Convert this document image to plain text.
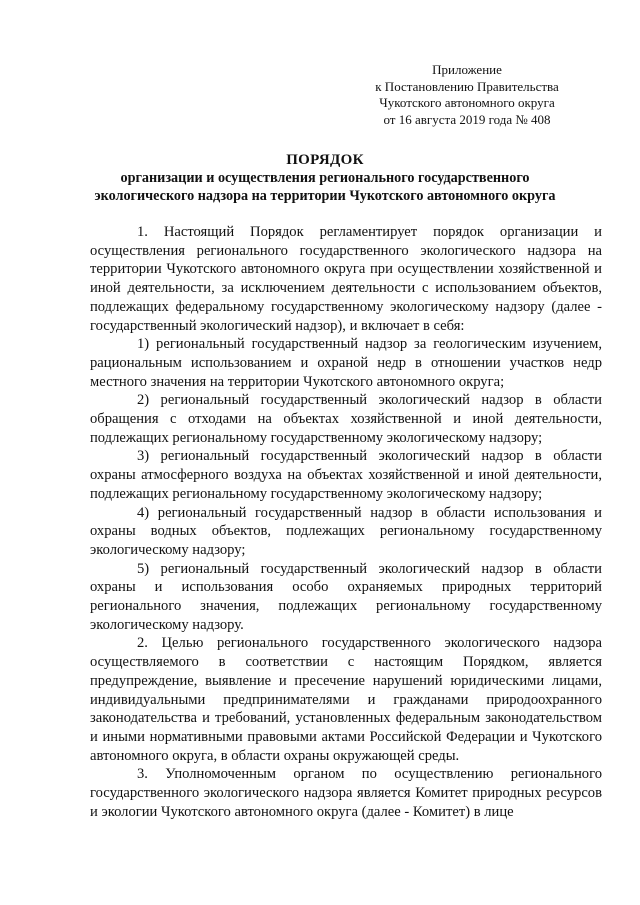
Приложение
к Постановлению Правительства
Чукотского автономного округа
от 16 августа 2019 года № 408
ПОРЯДОК
организации и осуществления регионального государственного
экологического надзора на территории Чукотского автономного округа

1. Настоящий Порядок регламентирует порядок организации и осуществления регионального государственного экологического надзора на территории Чукотского автономного округа при осуществлении хозяйственной и иной деятельности, за исключением деятельности с использованием объектов, подлежащих федеральному государственному экологическому надзору (далее - государственный экологический надзор), и включает в себя:

1) региональный государственный надзор за геологическим изучением, рациональным использованием и охраной недр в отношении участков недр местного значения на территории Чукотского автономного округа;

2) региональный государственный экологический надзор в области обращения с отходами на объектах хозяйственной и иной деятельности, подлежащих региональному государственному экологическому надзору;

3) региональный государственный экологический надзор в области охраны атмосферного воздуха на объектах хозяйственной и иной деятельности, подлежащих региональному государственному экологическому надзору;

4) региональный государственный надзор в области использования и охраны водных объектов, подлежащих региональному государственному экологическому надзору;

5) региональный государственный экологический надзор в области охраны и использования особо охраняемых природных территорий регионального значения, подлежащих региональному государственному экологическому надзору.

2. Целью регионального государственного экологического надзора осуществляемого в соответствии с настоящим Порядком, является предупреждение, выявление и пресечение нарушений юридическими лицами, индивидуальными предпринимателями и гражданами природоохранного законодательства и требований, установленных федеральным законодательством и иными нормативными правовыми актами Российской Федерации и Чукотского автономного округа, в области охраны окружающей среды.

3. Уполномоченным органом по осуществлению регионального государственного экологического надзора является Комитет природных ресурсов и экологии Чукотского автономного округа (далее - Комитет) в лице
